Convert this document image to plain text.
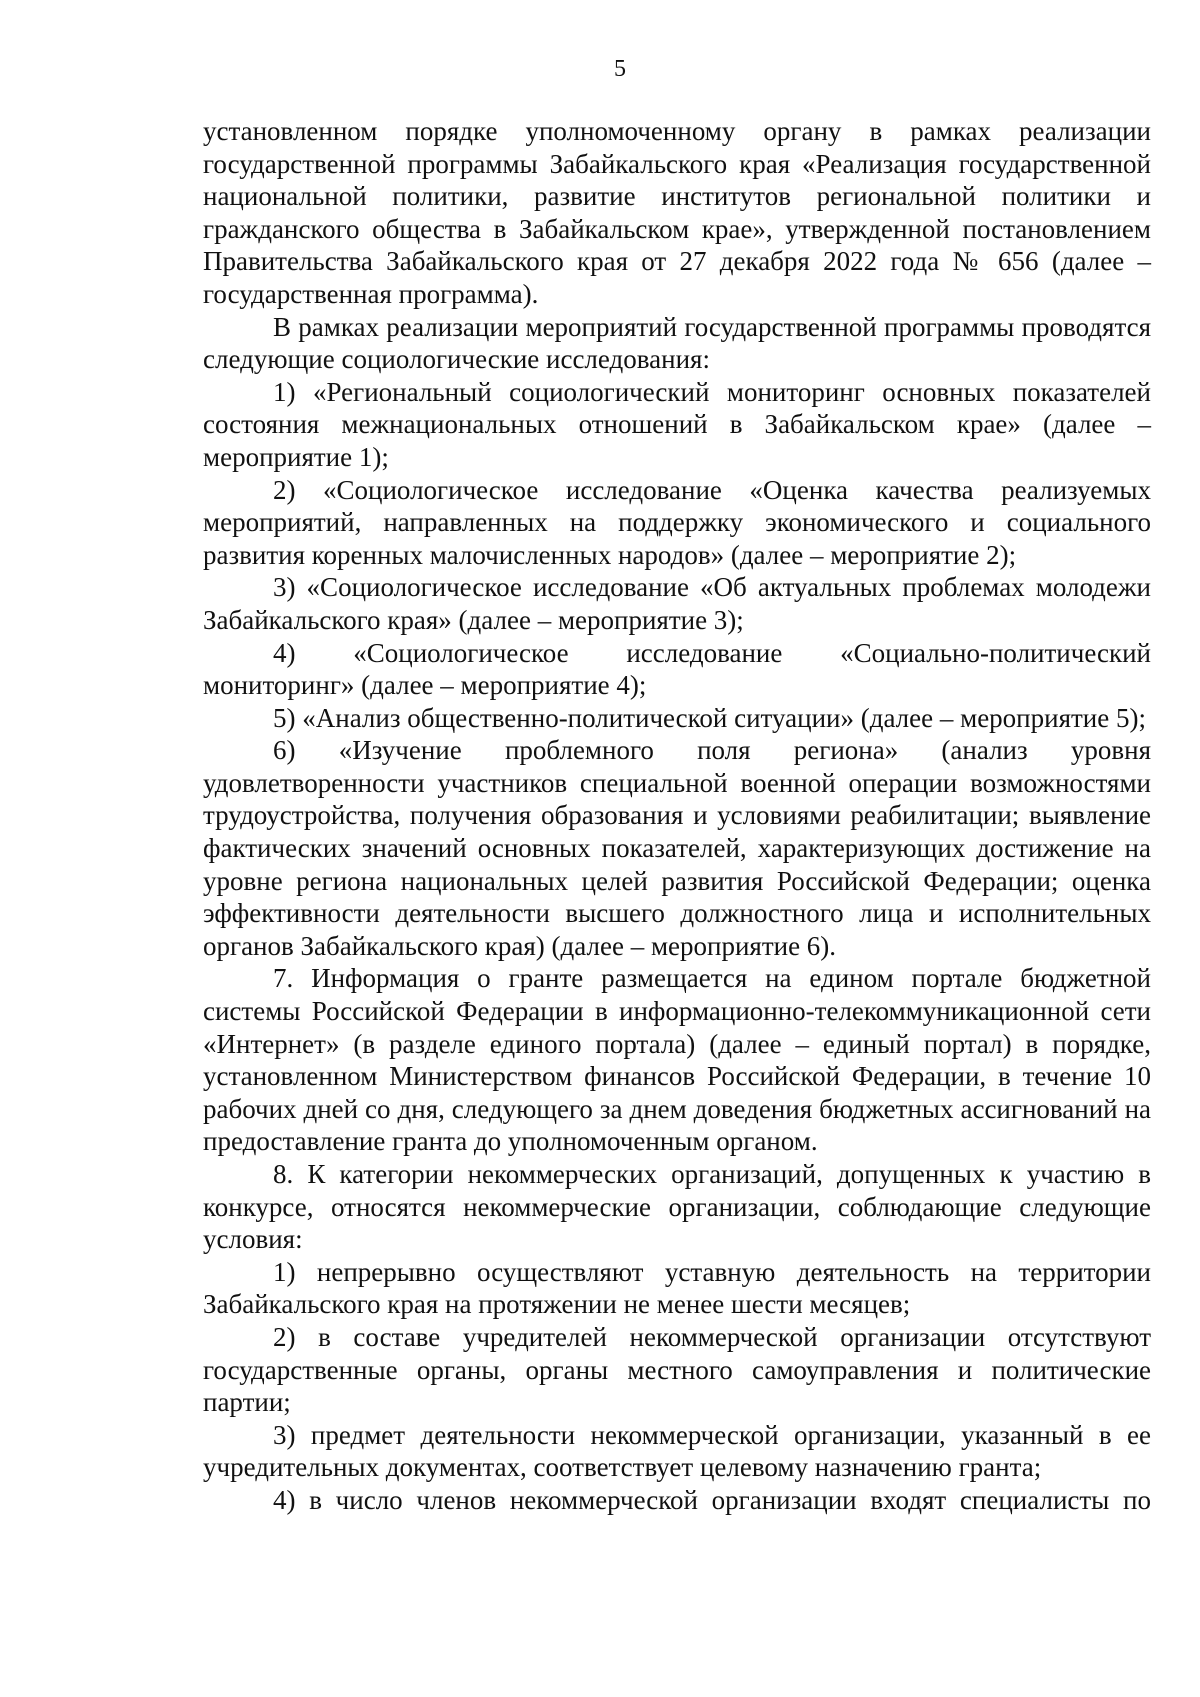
5

установленном порядке уполномоченному органу в рамках реализации государственной программы Забайкальского края «Реализация государственной национальной политики, развитие институтов региональной политики и гражданского общества в Забайкальском крае», утвержденной постановлением Правительства Забайкальского края от 27 декабря 2022 года № 656 (далее – государственная программа).

В рамках реализации мероприятий государственной программы проводятся следующие социологические исследования:

1) «Региональный социологический мониторинг основных показателей состояния межнациональных отношений в Забайкальском крае» (далее – мероприятие 1);

2) «Социологическое исследование «Оценка качества реализуемых мероприятий, направленных на поддержку экономического и социального развития коренных малочисленных народов» (далее – мероприятие 2);

3) «Социологическое исследование «Об актуальных проблемах молодежи Забайкальского края» (далее – мероприятие 3);

4) «Социологическое исследование «Социально-политический мониторинг» (далее – мероприятие 4);

5) «Анализ общественно-политической ситуации» (далее – мероприятие 5);

6) «Изучение проблемного поля региона» (анализ уровня удовлетворенности участников специальной военной операции возможностями трудоустройства, получения образования и условиями реабилитации; выявление фактических значений основных показателей, характеризующих достижение на уровне региона национальных целей развития Российской Федерации; оценка эффективности деятельности высшего должностного лица и исполнительных органов Забайкальского края) (далее – мероприятие 6).

7. Информация о гранте размещается на едином портале бюджетной системы Российской Федерации в информационно-телекоммуникационной сети «Интернет» (в разделе единого портала) (далее – единый портал) в порядке, установленном Министерством финансов Российской Федерации, в течение 10 рабочих дней со дня, следующего за днем доведения бюджетных ассигнований на предоставление гранта до уполномоченным органом.

8. К категории некоммерческих организаций, допущенных к участию в конкурсе, относятся некоммерческие организации, соблюдающие следующие условия:

1) непрерывно осуществляют уставную деятельность на территории Забайкальского края на протяжении не менее шести месяцев;

2) в составе учредителей некоммерческой организации отсутствуют государственные органы, органы местного самоуправления и политические партии;

3) предмет деятельности некоммерческой организации, указанный в ее учредительных документах, соответствует целевому назначению гранта;

4) в число членов некоммерческой организации входят специалисты по
